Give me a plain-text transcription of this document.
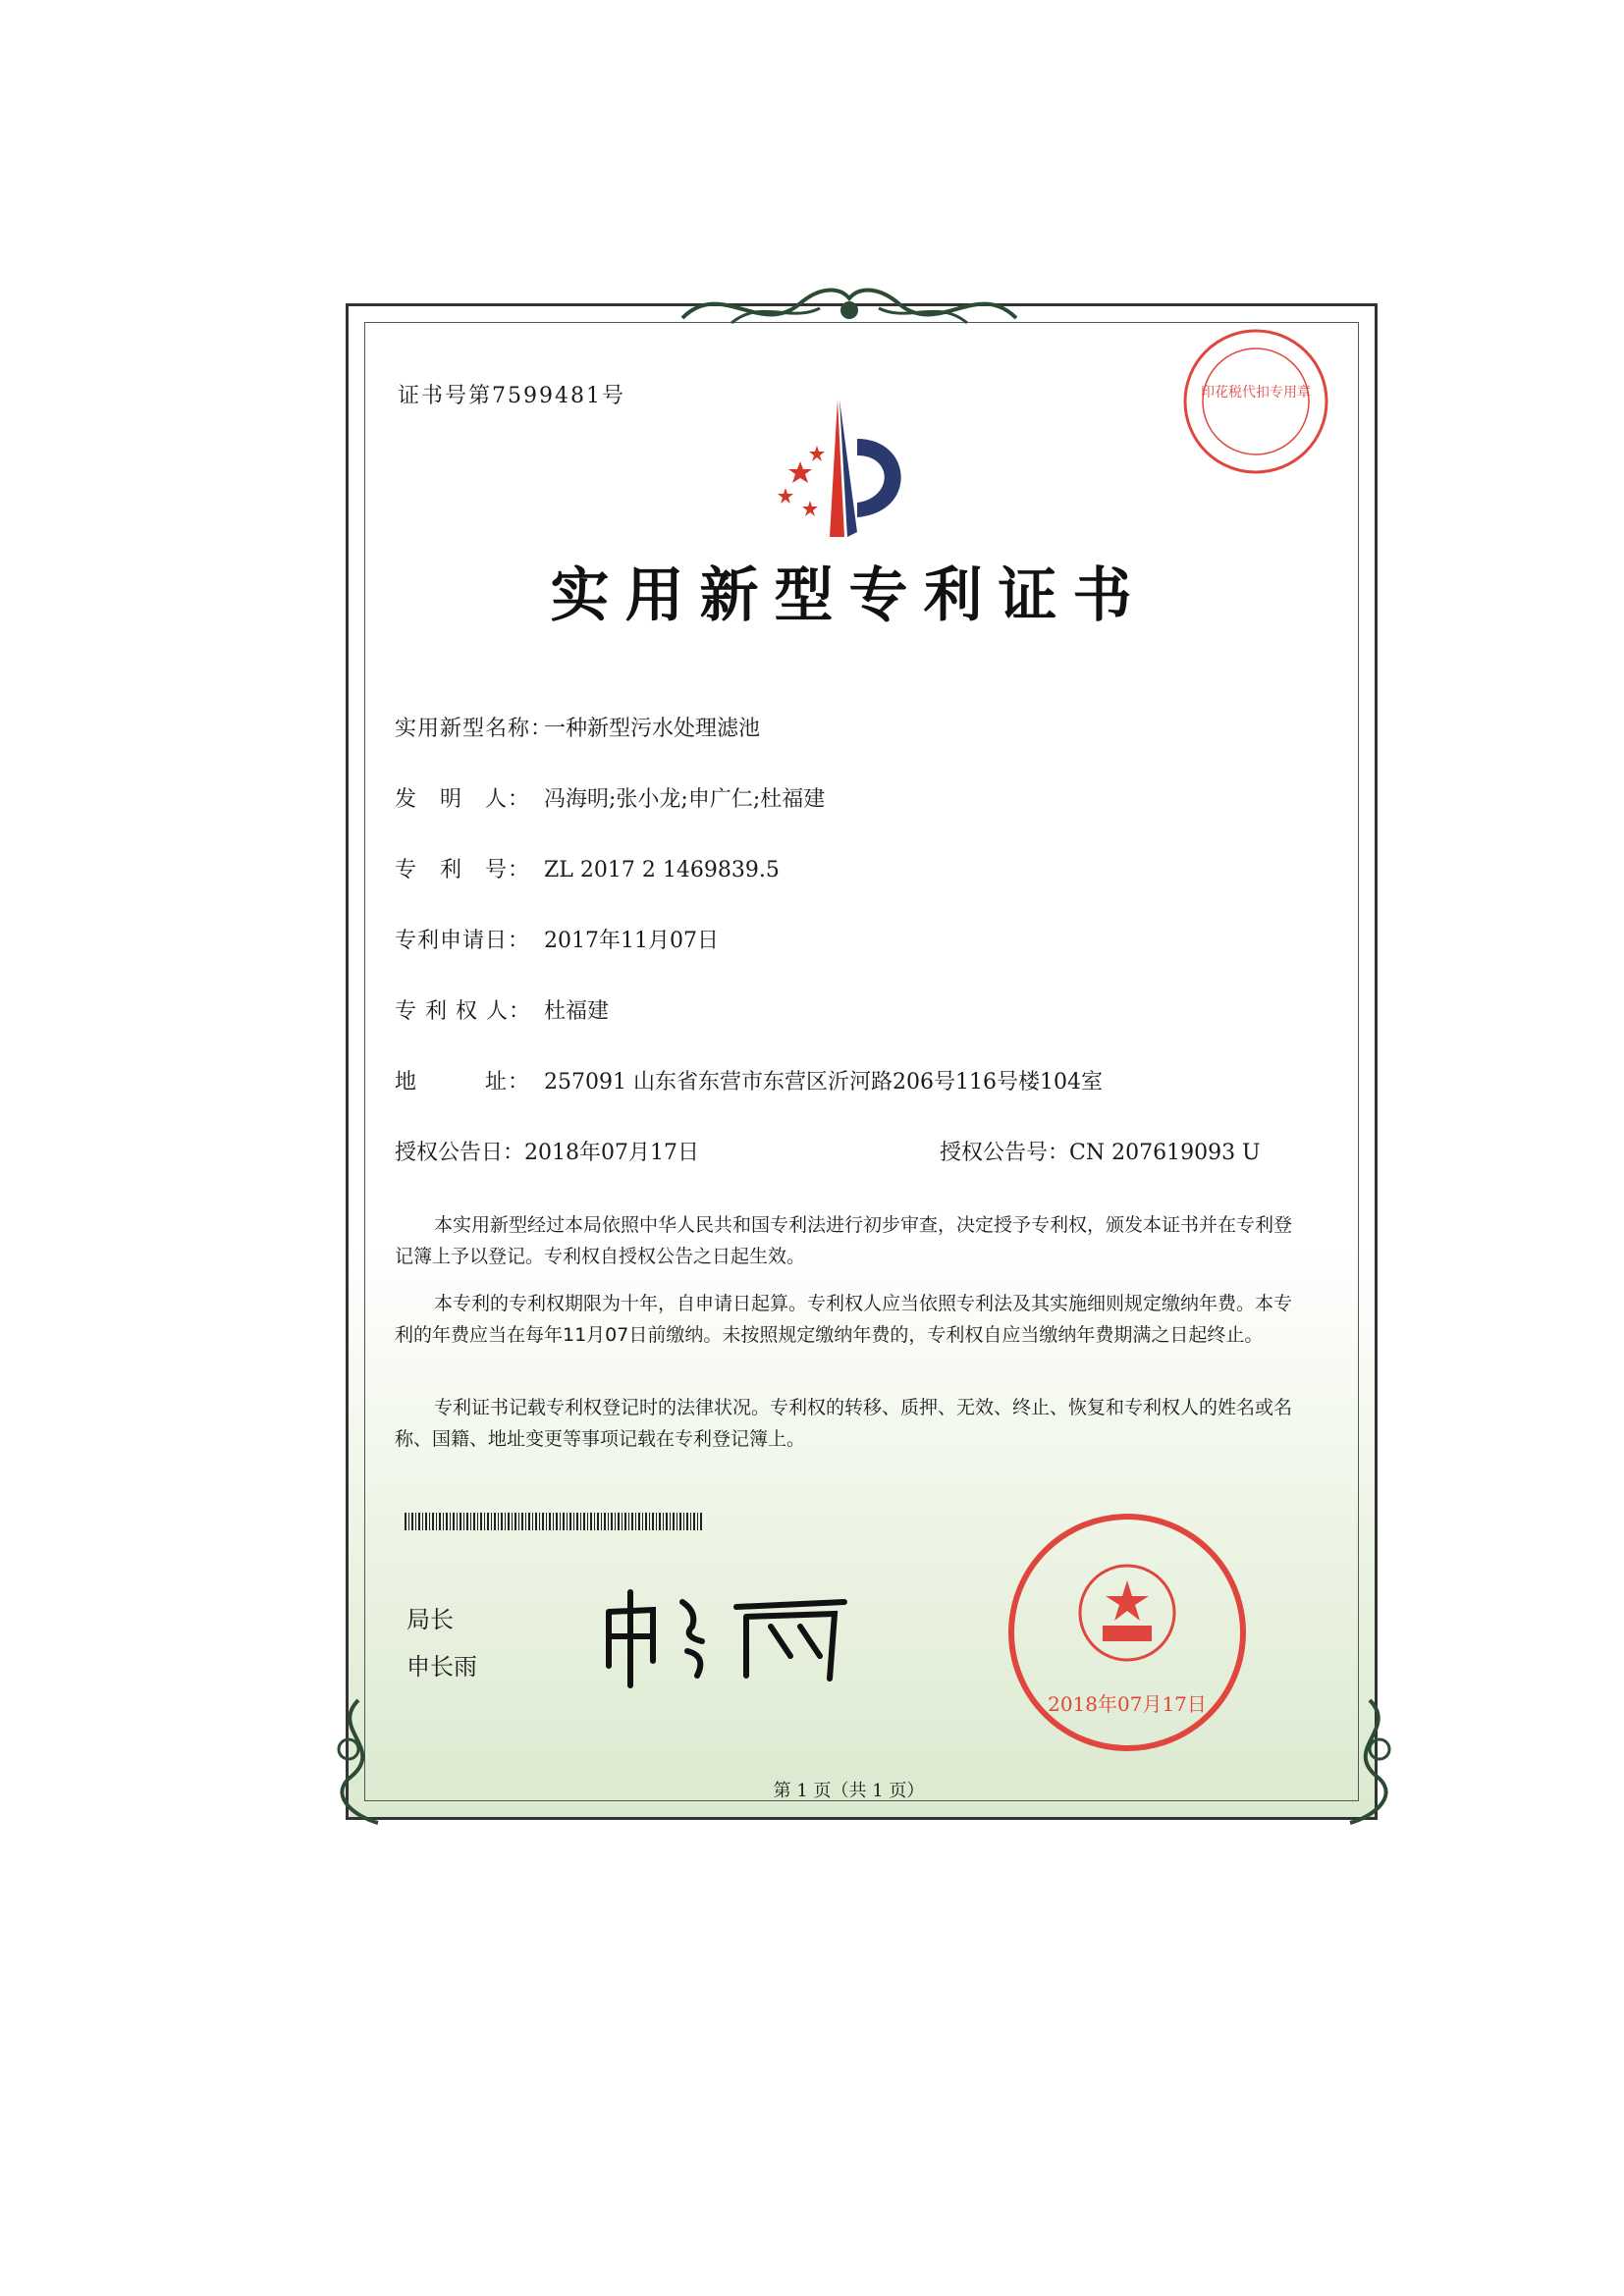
证书号第7599481号	印花税代扣专用章
实用新型专利证书
实用新型名称：一种新型污水处理滤池
发　明　人： 冯海明;张小龙;申广仁;杜福建
专　利　号： ZL 2017 2 1469839.5
专利申请日： 2017年11月07日
专 利 权 人： 杜福建
地　　　址： 257091 山东省东营市东营区沂河路206号116号楼104室
授权公告日：2018年07月17日	授权公告号：CN 207619093 U
本实用新型经过本局依照中华人民共和国专利法进行初步审查，决定授予专利权，颁发本证书并在专利登记簿上予以登记。专利权自授权公告之日起生效。
本专利的专利权期限为十年，自申请日起算。专利权人应当依照专利法及其实施细则规定缴纳年费。本专利的年费应当在每年11月07日前缴纳。未按照规定缴纳年费的，专利权自应当缴纳年费期满之日起终止。
专利证书记载专利权登记时的法律状况。专利权的转移、质押、无效、终止、恢复和专利权人的姓名或名称、国籍、地址变更等事项记载在专利登记簿上。
局长
申长雨
2018年07月17日
第 1 页（共 1 页）
